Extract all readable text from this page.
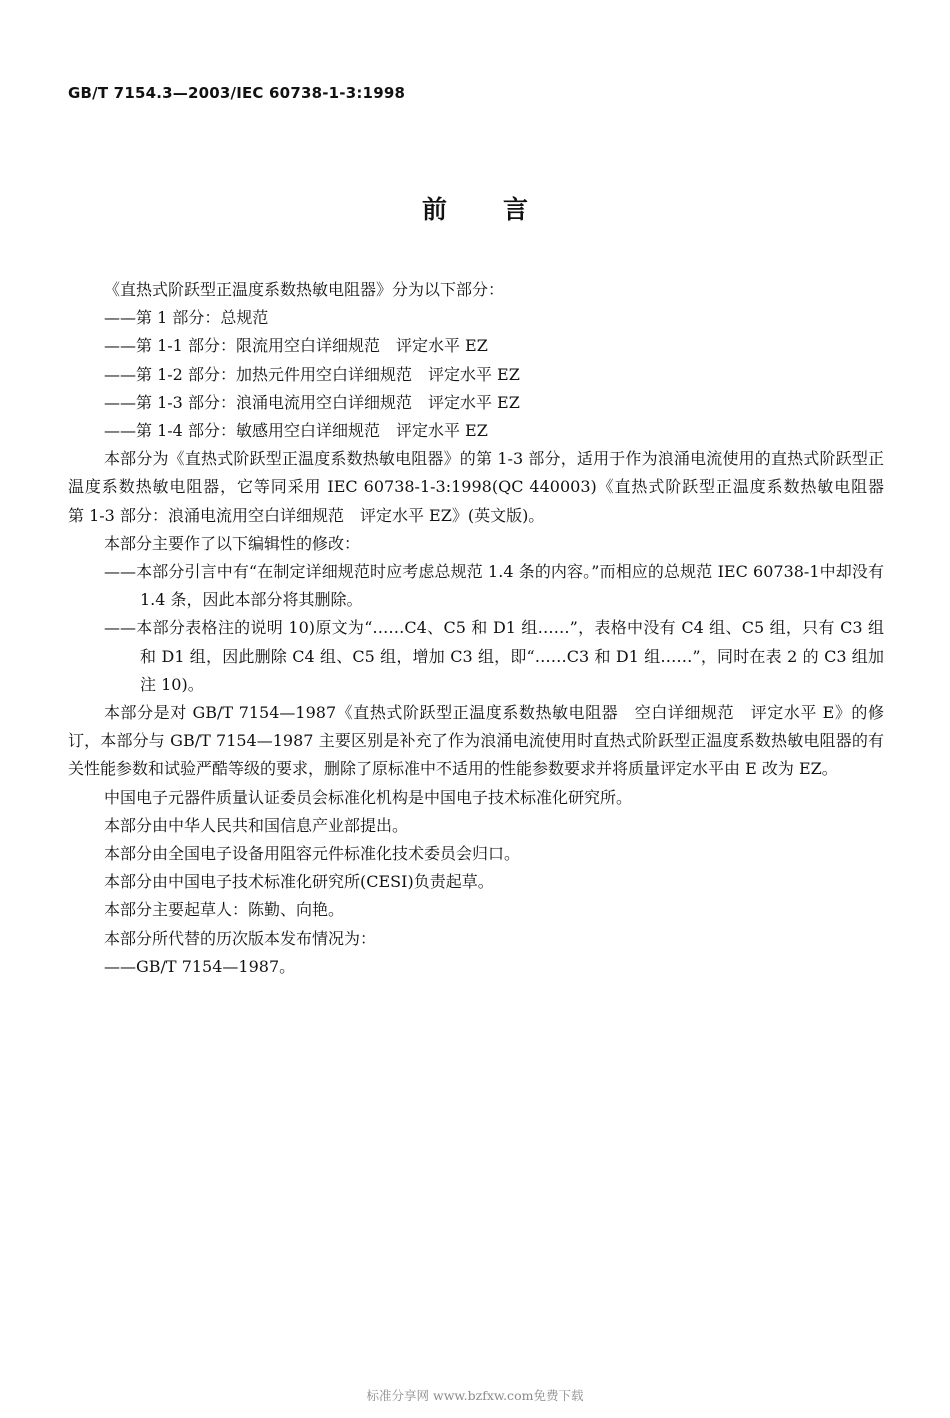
GB/T 7154.3—2003/IEC 60738-1-3:1998
前言

《直热式阶跃型正温度系数热敏电阻器》分为以下部分：

——第 1 部分：总规范

——第 1-1 部分：限流用空白详细规范　评定水平 EZ

——第 1-2 部分：加热元件用空白详细规范　评定水平 EZ

——第 1-3 部分：浪涌电流用空白详细规范　评定水平 EZ

——第 1-4 部分：敏感用空白详细规范　评定水平 EZ

本部分为《直热式阶跃型正温度系数热敏电阻器》的第 1-3 部分，适用于作为浪涌电流使用的直热式阶跃型正温度系数热敏电阻器，它等同采用 IEC 60738-1-3:1998(QC 440003)《直热式阶跃型正温度系数热敏电阻器　第 1-3 部分：浪涌电流用空白详细规范　评定水平 EZ》(英文版)。

本部分主要作了以下编辑性的修改：

——本部分引言中有“在制定详细规范时应考虑总规范 1.4 条的内容。”而相应的总规范 IEC 60738-1中却没有 1.4 条，因此本部分将其删除。

——本部分表格注的说明 10)原文为“……C4、C5 和 D1 组……”，表格中没有 C4 组、C5 组，只有 C3 组和 D1 组，因此删除 C4 组、C5 组，增加 C3 组，即“……C3 和 D1 组……”，同时在表 2 的 C3 组加注 10)。

本部分是对 GB/T 7154—1987《直热式阶跃型正温度系数热敏电阻器　空白详细规范　评定水平 E》的修订，本部分与 GB/T 7154—1987 主要区别是补充了作为浪涌电流使用时直热式阶跃型正温度系数热敏电阻器的有关性能参数和试验严酷等级的要求，删除了原标准中不适用的性能参数要求并将质量评定水平由 E 改为 EZ。

中国电子元器件质量认证委员会标准化机构是中国电子技术标准化研究所。

本部分由中华人民共和国信息产业部提出。

本部分由全国电子设备用阻容元件标准化技术委员会归口。

本部分由中国电子技术标准化研究所(CESI)负责起草。

本部分主要起草人：陈勤、向艳。

本部分所代替的历次版本发布情况为：

——GB/T 7154—1987。

标准分享网 www.bzfxw.com免费下载
